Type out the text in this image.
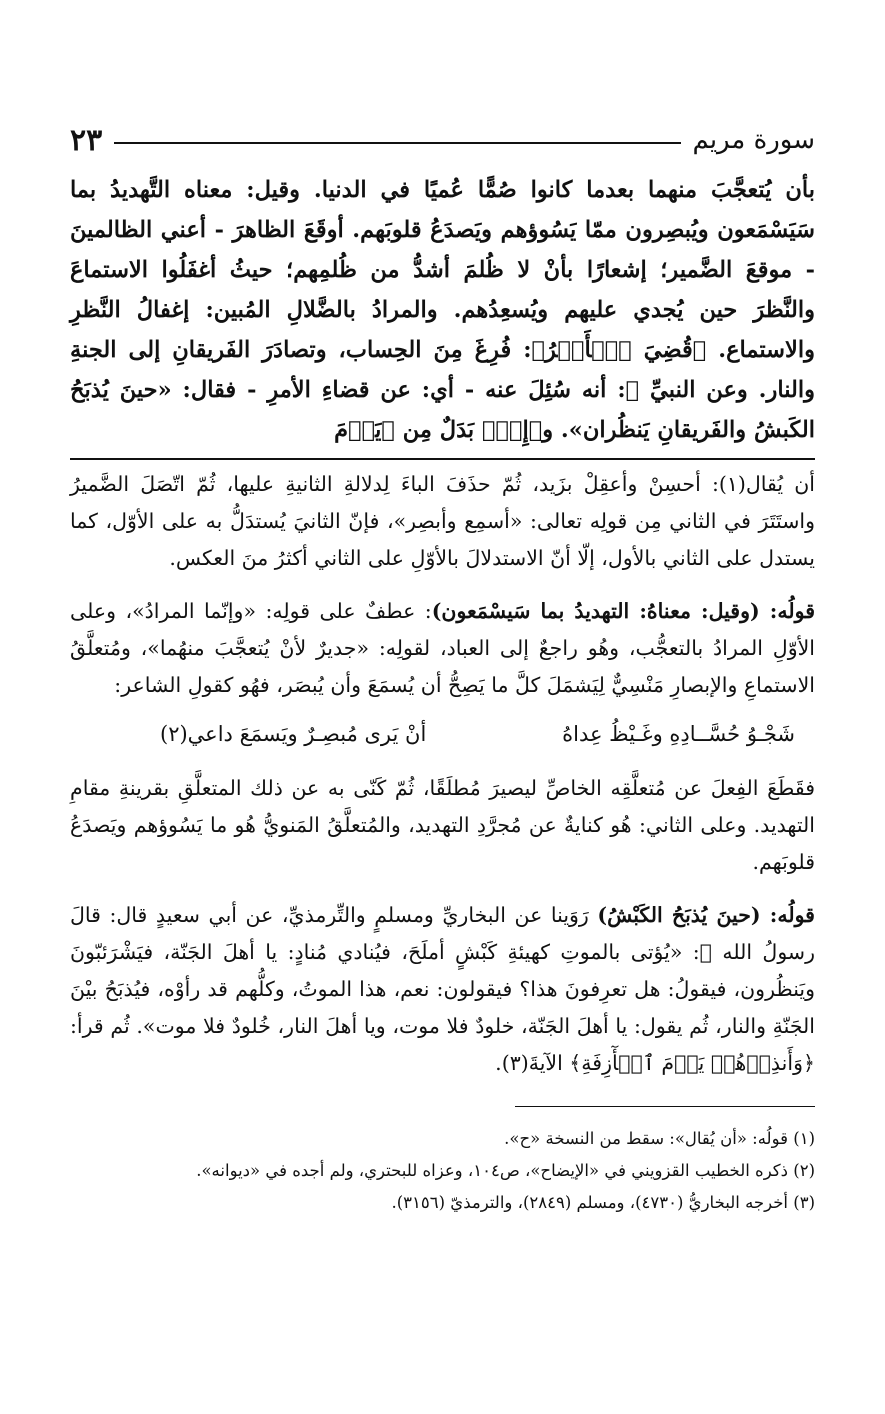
سورة مريم
٢٣

بأن يُتعجَّبَ منهما بعدما كانوا صُمًّا عُميًا في الدنيا. وقيل: معناه التَّهديدُ بما سَيَسْمَعون ويُبصِرون ممّا يَسُوؤهم ويَصدَعُ قلوبَهم. أوقَعَ الظاهرَ - أعني الظالمينَ - موقعَ الضَّمير؛ إشعارًا بأنْ لا ظُلمَ أشدُّ من ظُلمِهم؛ حيثُ أغفَلُوا الاستماعَ والنَّظرَ حين يُجدي عليهم ويُسعِدُهم. والمرادُ بالضَّلالِ المُبين: إغفالُ النَّظرِ والاستماع. ﴿قُضِيَ ٱلۡأَمۡرُ﴾: فُرِغَ مِنَ الحِساب، وتصادَرَ الفَريقانِ إلى الجنةِ والنار. وعن النبيِّ ﷺ: أنه سُئِلَ عنه - أي: عن قضاءِ الأمرِ - فقال: «حينَ يُذبَحُ الكَبشُ والفَريقانِ يَنظُران». و﴿إِذۡ﴾ بَدَلٌ مِن ﴿يَوۡمَ

أن يُقال(١): أحسِنْ وأعقِلْ بزَيد، ثُمّ حذَفَ الباءَ لِدلالةِ الثانيةِ عليها، ثُمّ اتّصَلَ الضَّميرُ واستَتَرَ في الثاني مِن قولِه تعالى: «أسمِع وأبصِر»، فإنّ الثانيَ يُستدَلُّ به على الأوّل، كما يستدل على الثاني بالأول، إلّا أنّ الاستدلالَ بالأوّلِ على الثاني أكثرُ منَ العكس.

قولُه: (وقيل: معناهُ: التهديدُ بما سَيسْمَعون): عطفٌ على قولِه: «وإنّما المرادُ»، وعلى الأوّلِ المرادُ بالتعجُّب، وهُو راجعٌ إلى العباد، لقولِه: «جديرٌ لأنْ يُتعجَّبَ منهُما»، ومُتعلَّقُ الاستماعِ والإبصارِ مَنْسِيٌّ لِيَشمَلَ كلَّ ما يَصِحُّ أن يُسمَعَ وأن يُبصَر، فهُو كقولِ الشاعر:

شَجْـوُ حُسَّــادِهِ وغَـيْظُ عِداهُ
أنْ يَرى مُبصِـرٌ ويَسمَعَ داعي(٢)

فقَطَعَ الفِعلَ عن مُتعلَّقِه الخاصِّ ليصيرَ مُطلَقًا، ثُمّ كَنّى به عن ذلك المتعلَّقِ بقرينةِ مقامِ التهديد. وعلى الثاني: هُو كنايةٌ عن مُجرَّدِ التهديد، والمُتعلَّقُ المَنويُّ هُو ما يَسُوؤهم ويَصدَعُ قلوبَهم.

قولُه: (حينَ يُذبَحُ الكَبْشُ) رَوَينا عن البخاريِّ ومسلمٍ والتِّرمذيِّ، عن أبي سعيدٍ قال: قالَ رسولُ الله ﷺ: «يُؤتى بالموتِ كهيئةِ كَبْشٍ أملَحَ، فيُنادي مُنادٍ: يا أهلَ الجَنّة، فيَشْرَئبّونَ ويَنظُرون، فيقولُ: هل تعرِفونَ هذا؟ فيقولون: نعم، هذا الموتُ، وكلُّهم قد رأوْه، فيُذبَحُ بيْنَ الجَنّةِ والنار، ثُم يقول: يا أهلَ الجَنّة، خلودٌ فلا موت، ويا أهلَ النار، خُلودٌ فلا موت». ثُم قرأ: ﴿وَأَنذِرۡهُمۡ يَوۡمَ ٱلۡأٓزِفَةِ﴾ الآيةَ(٣).

(١) قولُه: «أن يُقال»: سقط من النسخة «ح».

(٢) ذكره الخطيب القزويني في «الإيضاح»، ص١٠٤، وعزاه للبحتري، ولم أجده في «ديوانه».

(٣) أخرجه البخاريُّ (٤٧٣٠)، ومسلم (٢٨٤٩)، والترمذيّ (٣١٥٦).
